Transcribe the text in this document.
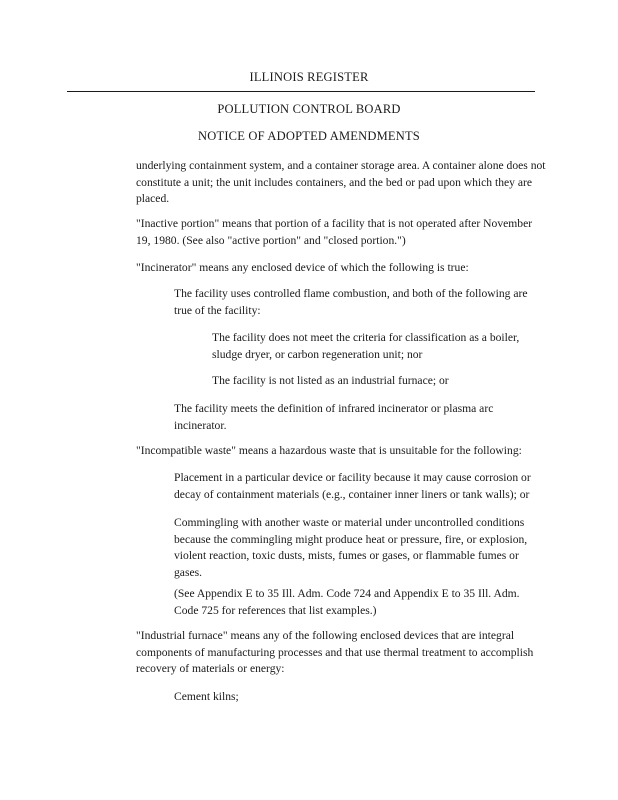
ILLINOIS REGISTER
POLLUTION CONTROL BOARD
NOTICE OF ADOPTED AMENDMENTS

underlying containment system, and a container storage area. A container alone does not constitute a unit; the unit includes containers, and the bed or pad upon which they are placed.

"Inactive portion" means that portion of a facility that is not operated after November 19, 1980. (See also "active portion" and "closed portion.")

"Incinerator" means any enclosed device of which the following is true:

The facility uses controlled flame combustion, and both of the following are true of the facility:

The facility does not meet the criteria for classification as a boiler, sludge dryer, or carbon regeneration unit; nor

The facility is not listed as an industrial furnace; or

The facility meets the definition of infrared incinerator or plasma arc incinerator.

"Incompatible waste" means a hazardous waste that is unsuitable for the following:

Placement in a particular device or facility because it may cause corrosion or decay of containment materials (e.g., container inner liners or tank walls); or

Commingling with another waste or material under uncontrolled conditions because the commingling might produce heat or pressure, fire, or explosion, violent reaction, toxic dusts, mists, fumes or gases, or flammable fumes or gases.

(See Appendix E to 35 Ill. Adm. Code 724 and Appendix E to 35 Ill. Adm. Code 725 for references that list examples.)

"Industrial furnace" means any of the following enclosed devices that are integral components of manufacturing processes and that use thermal treatment to accomplish recovery of materials or energy:

Cement kilns;
